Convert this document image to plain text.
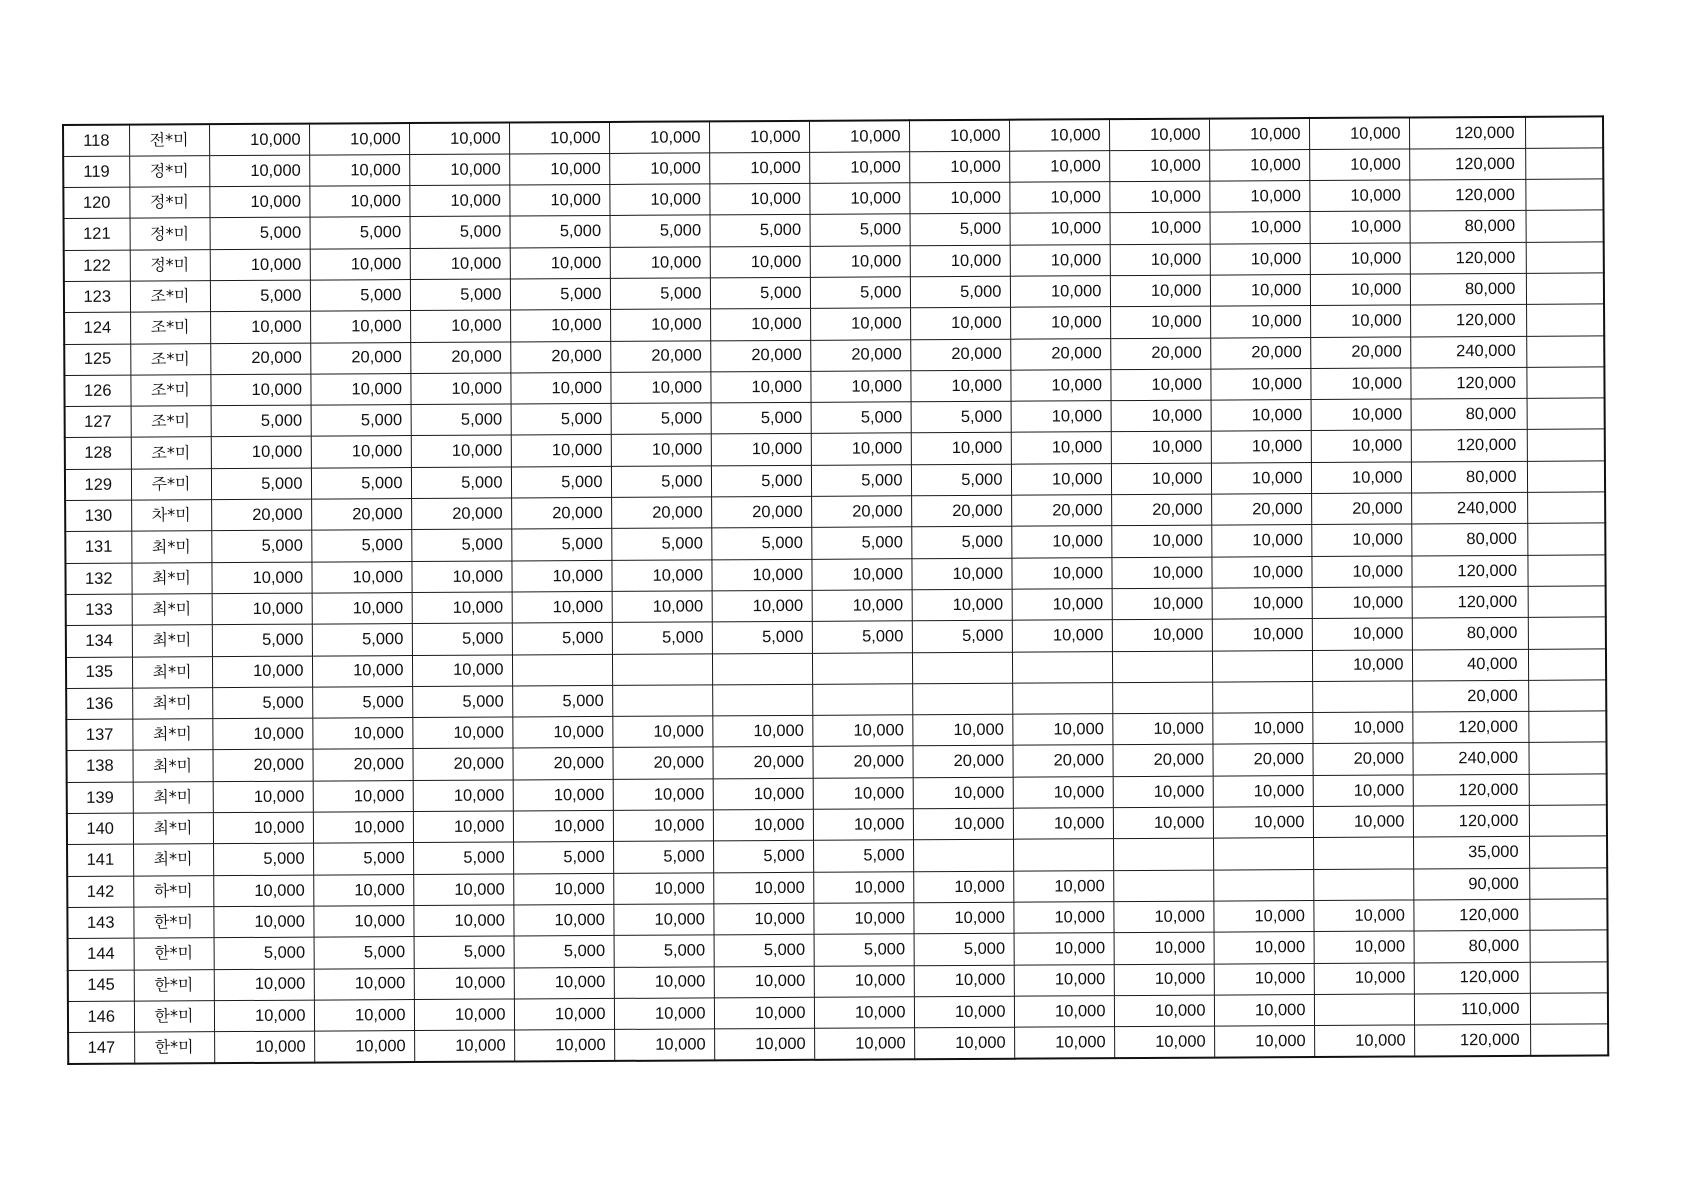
118	전*미	10,000	10,000	10,000	10,000	10,000	10,000	10,000	10,000	10,000	10,000	10,000	10,000	120,000	
119	정*미	10,000	10,000	10,000	10,000	10,000	10,000	10,000	10,000	10,000	10,000	10,000	10,000	120,000	
120	정*미	10,000	10,000	10,000	10,000	10,000	10,000	10,000	10,000	10,000	10,000	10,000	10,000	120,000	
121	정*미	5,000	5,000	5,000	5,000	5,000	5,000	5,000	5,000	10,000	10,000	10,000	10,000	80,000	
122	정*미	10,000	10,000	10,000	10,000	10,000	10,000	10,000	10,000	10,000	10,000	10,000	10,000	120,000	
123	조*미	5,000	5,000	5,000	5,000	5,000	5,000	5,000	5,000	10,000	10,000	10,000	10,000	80,000	
124	조*미	10,000	10,000	10,000	10,000	10,000	10,000	10,000	10,000	10,000	10,000	10,000	10,000	120,000	
125	조*미	20,000	20,000	20,000	20,000	20,000	20,000	20,000	20,000	20,000	20,000	20,000	20,000	240,000	
126	조*미	10,000	10,000	10,000	10,000	10,000	10,000	10,000	10,000	10,000	10,000	10,000	10,000	120,000	
127	조*미	5,000	5,000	5,000	5,000	5,000	5,000	5,000	5,000	10,000	10,000	10,000	10,000	80,000	
128	조*미	10,000	10,000	10,000	10,000	10,000	10,000	10,000	10,000	10,000	10,000	10,000	10,000	120,000	
129	주*미	5,000	5,000	5,000	5,000	5,000	5,000	5,000	5,000	10,000	10,000	10,000	10,000	80,000	
130	차*미	20,000	20,000	20,000	20,000	20,000	20,000	20,000	20,000	20,000	20,000	20,000	20,000	240,000	
131	최*미	5,000	5,000	5,000	5,000	5,000	5,000	5,000	5,000	10,000	10,000	10,000	10,000	80,000	
132	최*미	10,000	10,000	10,000	10,000	10,000	10,000	10,000	10,000	10,000	10,000	10,000	10,000	120,000	
133	최*미	10,000	10,000	10,000	10,000	10,000	10,000	10,000	10,000	10,000	10,000	10,000	10,000	120,000	
134	최*미	5,000	5,000	5,000	5,000	5,000	5,000	5,000	5,000	10,000	10,000	10,000	10,000	80,000	
135	최*미	10,000	10,000	10,000									10,000	40,000	
136	최*미	5,000	5,000	5,000	5,000									20,000	
137	최*미	10,000	10,000	10,000	10,000	10,000	10,000	10,000	10,000	10,000	10,000	10,000	10,000	120,000	
138	최*미	20,000	20,000	20,000	20,000	20,000	20,000	20,000	20,000	20,000	20,000	20,000	20,000	240,000	
139	최*미	10,000	10,000	10,000	10,000	10,000	10,000	10,000	10,000	10,000	10,000	10,000	10,000	120,000	
140	최*미	10,000	10,000	10,000	10,000	10,000	10,000	10,000	10,000	10,000	10,000	10,000	10,000	120,000	
141	최*미	5,000	5,000	5,000	5,000	5,000	5,000	5,000						35,000	
142	하*미	10,000	10,000	10,000	10,000	10,000	10,000	10,000	10,000	10,000				90,000	
143	한*미	10,000	10,000	10,000	10,000	10,000	10,000	10,000	10,000	10,000	10,000	10,000	10,000	120,000	
144	한*미	5,000	5,000	5,000	5,000	5,000	5,000	5,000	5,000	10,000	10,000	10,000	10,000	80,000	
145	한*미	10,000	10,000	10,000	10,000	10,000	10,000	10,000	10,000	10,000	10,000	10,000	10,000	120,000	
146	한*미	10,000	10,000	10,000	10,000	10,000	10,000	10,000	10,000	10,000	10,000	10,000		110,000	
147	한*미	10,000	10,000	10,000	10,000	10,000	10,000	10,000	10,000	10,000	10,000	10,000	10,000	120,000	
